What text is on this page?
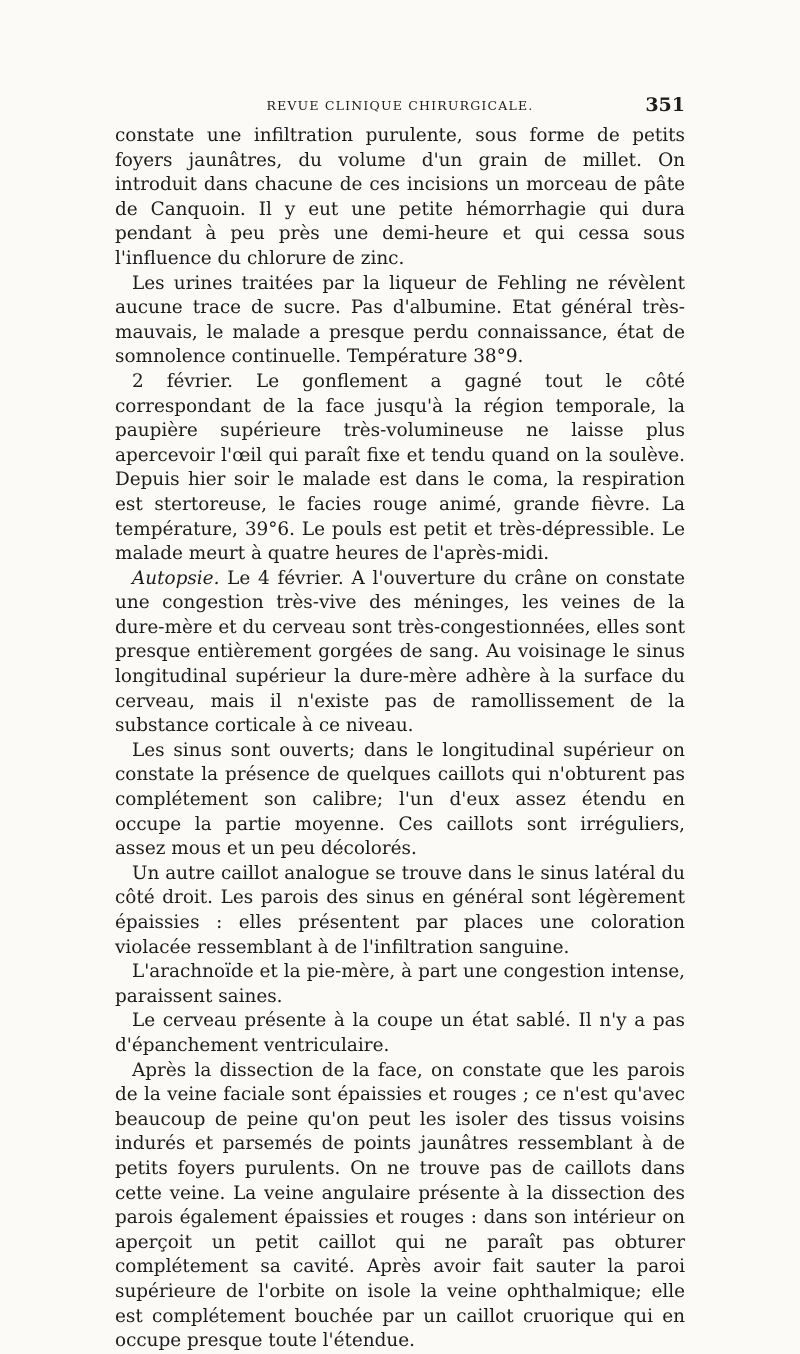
REVUE CLINIQUE CHIRURGICALE.	351

constate une infiltration purulente, sous forme de petits foyers jaunâtres, du volume d'un grain de millet. On introduit dans chacune de ces incisions un morceau de pâte de Canquoin. Il y eut une petite hémorrhagie qui dura pendant à peu près une demi-heure et qui cessa sous l'influence du chlorure de zinc.

Les urines traitées par la liqueur de Fehling ne révèlent aucune trace de sucre. Pas d'albumine. Etat général très-mauvais, le malade a presque perdu connaissance, état de somnolence continuelle. Température 38°9.

2 février. Le gonflement a gagné tout le côté correspondant de la face jusqu'à la région temporale, la paupière supérieure très-volumineuse ne laisse plus apercevoir l'œil qui paraît fixe et tendu quand on la soulève. Depuis hier soir le malade est dans le coma, la respiration est stertoreuse, le facies rouge animé, grande fièvre. La température, 39°6. Le pouls est petit et très-dépressible. Le malade meurt à quatre heures de l'après-midi.

Autopsie. Le 4 février. A l'ouverture du crâne on constate une congestion très-vive des méninges, les veines de la dure-mère et du cerveau sont très-congestionnées, elles sont presque entièrement gorgées de sang. Au voisinage le sinus longitudinal supérieur la dure-mère adhère à la surface du cerveau, mais il n'existe pas de ramollissement de la substance corticale à ce niveau.

Les sinus sont ouverts; dans le longitudinal supérieur on constate la présence de quelques caillots qui n'obturent pas complétement son calibre; l'un d'eux assez étendu en occupe la partie moyenne. Ces caillots sont irréguliers, assez mous et un peu décolorés.

Un autre caillot analogue se trouve dans le sinus latéral du côté droit. Les parois des sinus en général sont légèrement épaissies : elles présentent par places une coloration violacée ressemblant à de l'infiltration sanguine.

L'arachnoïde et la pie-mère, à part une congestion intense, paraissent saines.

Le cerveau présente à la coupe un état sablé. Il n'y a pas d'épanchement ventriculaire.

Après la dissection de la face, on constate que les parois de la veine faciale sont épaissies et rouges ; ce n'est qu'avec beaucoup de peine qu'on peut les isoler des tissus voisins indurés et parsemés de points jaunâtres ressemblant à de petits foyers purulents. On ne trouve pas de caillots dans cette veine. La veine angulaire présente à la dissection des parois également épaissies et rouges : dans son intérieur on aperçoit un petit caillot qui ne paraît pas obturer complétement sa cavité. Après avoir fait sauter la paroi supérieure de l'orbite on isole la veine ophthalmique; elle est complétement bouchée par un caillot cruorique qui en occupe presque toute l'étendue.
